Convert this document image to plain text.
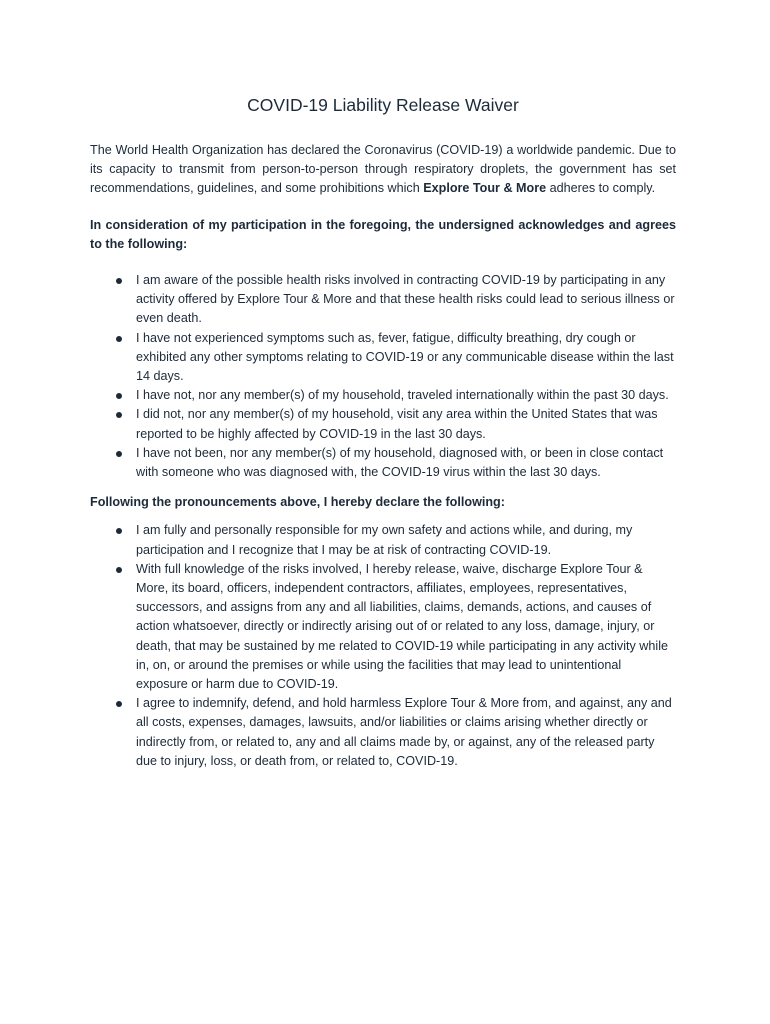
COVID-19 Liability Release Waiver

The World Health Organization has declared the Coronavirus (COVID-19) a worldwide pandemic. Due to its capacity to transmit from person-to-person through respiratory droplets, the government has set recommendations, guidelines, and some prohibitions which Explore Tour & More adheres to comply.

In consideration of my participation in the foregoing, the undersigned acknowledges and agrees to the following:

I am aware of the possible health risks involved in contracting COVID-19 by participating in any activity offered by Explore Tour & More and that these health risks could lead to serious illness or even death.
I have not experienced symptoms such as, fever, fatigue, difficulty breathing, dry cough or exhibited any other symptoms relating to COVID-19 or any communicable disease within the last 14 days.
I have not, nor any member(s) of my household, traveled internationally within the past 30 days.
I did not, nor any member(s) of my household, visit any area within the United States that was reported to be highly affected by COVID-19 in the last 30 days.
I have not been, nor any member(s) of my household, diagnosed with, or been in close contact with someone who was diagnosed with, the COVID-19 virus within the last 30 days.

Following the pronouncements above, I hereby declare the following:

I am fully and personally responsible for my own safety and actions while, and during, my participation and I recognize that I may be at risk of contracting COVID-19.
With full knowledge of the risks involved, I hereby release, waive, discharge Explore Tour & More, its board, officers, independent contractors, affiliates, employees, representatives, successors, and assigns from any and all liabilities, claims, demands, actions, and causes of action whatsoever, directly or indirectly arising out of or related to any loss, damage, injury, or death, that may be sustained by me related to COVID-19 while participating in any activity while in, on, or around the premises or while using the facilities that may lead to unintentional exposure or harm due to COVID-19.
I agree to indemnify, defend, and hold harmless Explore Tour & More from, and against, any and all costs, expenses, damages, lawsuits, and/or liabilities or claims arising whether directly or indirectly from, or related to, any and all claims made by, or against, any of the released party due to injury, loss, or death from, or related to, COVID-19.
